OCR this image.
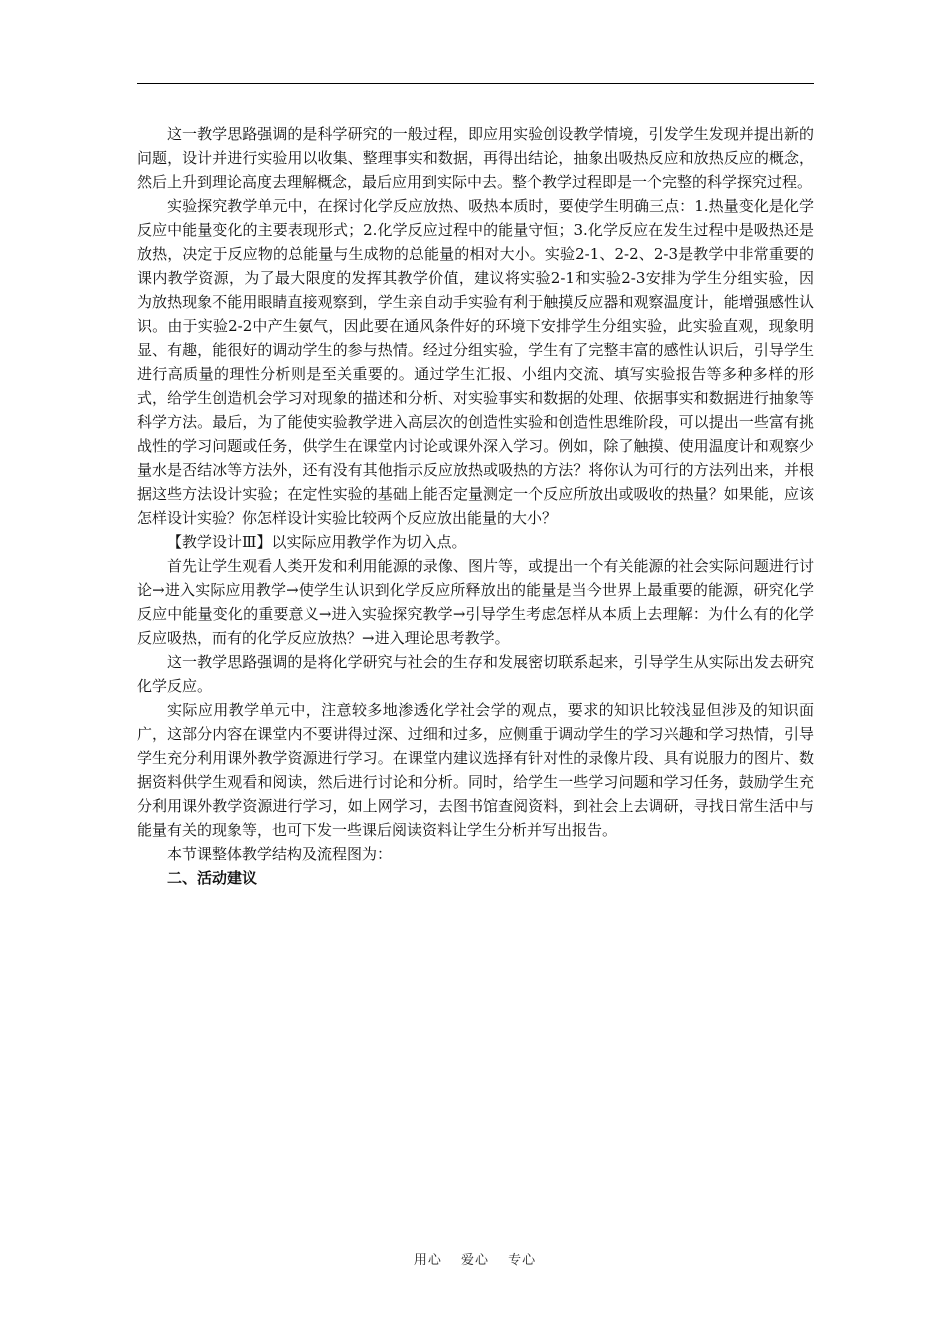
这一教学思路强调的是科学研究的一般过程，即应用实验创设教学情境，引发学生发现并提出新的问题，设计并进行实验用以收集、整理事实和数据，再得出结论，抽象出吸热反应和放热反应的概念，然后上升到理论高度去理解概念，最后应用到实际中去。整个教学过程即是一个完整的科学探究过程。

实验探究教学单元中，在探讨化学反应放热、吸热本质时，要使学生明确三点：1.热量变化是化学反应中能量变化的主要表现形式；2.化学反应过程中的能量守恒；3.化学反应在发生过程中是吸热还是放热，决定于反应物的总能量与生成物的总能量的相对大小。实验2-1、2-2、2-3是教学中非常重要的课内教学资源，为了最大限度的发挥其教学价值，建议将实验2-1和实验2-3安排为学生分组实验，因为放热现象不能用眼睛直接观察到，学生亲自动手实验有利于触摸反应器和观察温度计，能增强感性认识。由于实验2-2中产生氨气，因此要在通风条件好的环境下安排学生分组实验，此实验直观，现象明显、有趣，能很好的调动学生的参与热情。经过分组实验，学生有了完整丰富的感性认识后，引导学生进行高质量的理性分析则是至关重要的。通过学生汇报、小组内交流、填写实验报告等多种多样的形式，给学生创造机会学习对现象的描述和分析、对实验事实和数据的处理、依据事实和数据进行抽象等科学方法。最后，为了能使实验教学进入高层次的创造性实验和创造性思维阶段，可以提出一些富有挑战性的学习问题或任务，供学生在课堂内讨论或课外深入学习。例如，除了触摸、使用温度计和观察少量水是否结冰等方法外，还有没有其他指示反应放热或吸热的方法？将你认为可行的方法列出来，并根据这些方法设计实验；在定性实验的基础上能否定量测定一个反应所放出或吸收的热量？如果能，应该怎样设计实验？你怎样设计实验比较两个反应放出能量的大小？

【教学设计Ⅲ】以实际应用教学作为切入点。

首先让学生观看人类开发和利用能源的录像、图片等，或提出一个有关能源的社会实际问题进行讨论→进入实际应用教学→使学生认识到化学反应所释放出的能量是当今世界上最重要的能源，研究化学反应中能量变化的重要意义→进入实验探究教学→引导学生考虑怎样从本质上去理解：为什么有的化学反应吸热，而有的化学反应放热？→进入理论思考教学。

这一教学思路强调的是将化学研究与社会的生存和发展密切联系起来，引导学生从实际出发去研究化学反应。

实际应用教学单元中，注意较多地渗透化学社会学的观点，要求的知识比较浅显但涉及的知识面广，这部分内容在课堂内不要讲得过深、过细和过多，应侧重于调动学生的学习兴趣和学习热情，引导学生充分利用课外教学资源进行学习。在课堂内建议选择有针对性的录像片段、具有说服力的图片、数据资料供学生观看和阅读，然后进行讨论和分析。同时，给学生一些学习问题和学习任务，鼓励学生充分利用课外教学资源进行学习，如上网学习，去图书馆查阅资料，到社会上去调研，寻找日常生活中与能量有关的现象等，也可下发一些课后阅读资料让学生分析并写出报告。

本节课整体教学结构及流程图为：

二、活动建议

用心　 爱心　 专心
